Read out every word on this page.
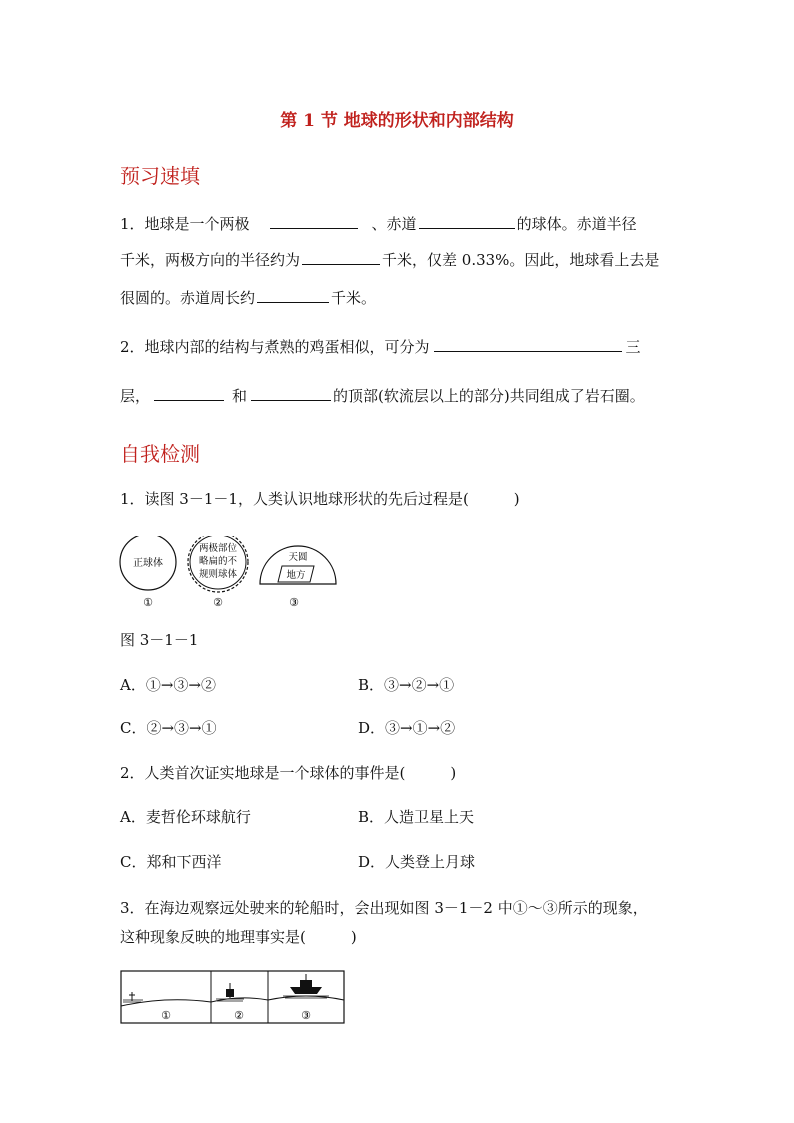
第 1 节 地球的形状和内部结构
预习速填
1．地球是一个两极	、赤道	的球体。赤道半径
千米，两极方向的半径约为	千米，仅差 0.33%。因此，地球看上去是
很圆的。赤道周长约	千米。
2．地球内部的结构与煮熟的鸡蛋相似，可分为	三
层，	和	的顶部(软流层以上的部分)共同组成了岩石圈。
自我检测
1．读图 3－1－1，人类认识地球形状的先后过程是(　　　)
正球体
两极部位
略扁的不
规则球体
天圆
地方
①	②	③
图 3－1－1
A．①→③→②	B．③→②→①
C．②→③→①	D．③→①→②
2．人类首次证实地球是一个球体的事件是(　　　)
A．麦哲伦环球航行	B．人造卫星上天
C．郑和下西洋	D．人类登上月球
3．在海边观察远处驶来的轮船时，会出现如图 3－1－2 中①～③所示的现象，
这种现象反映的地理事实是(　　　)
①	②	③
